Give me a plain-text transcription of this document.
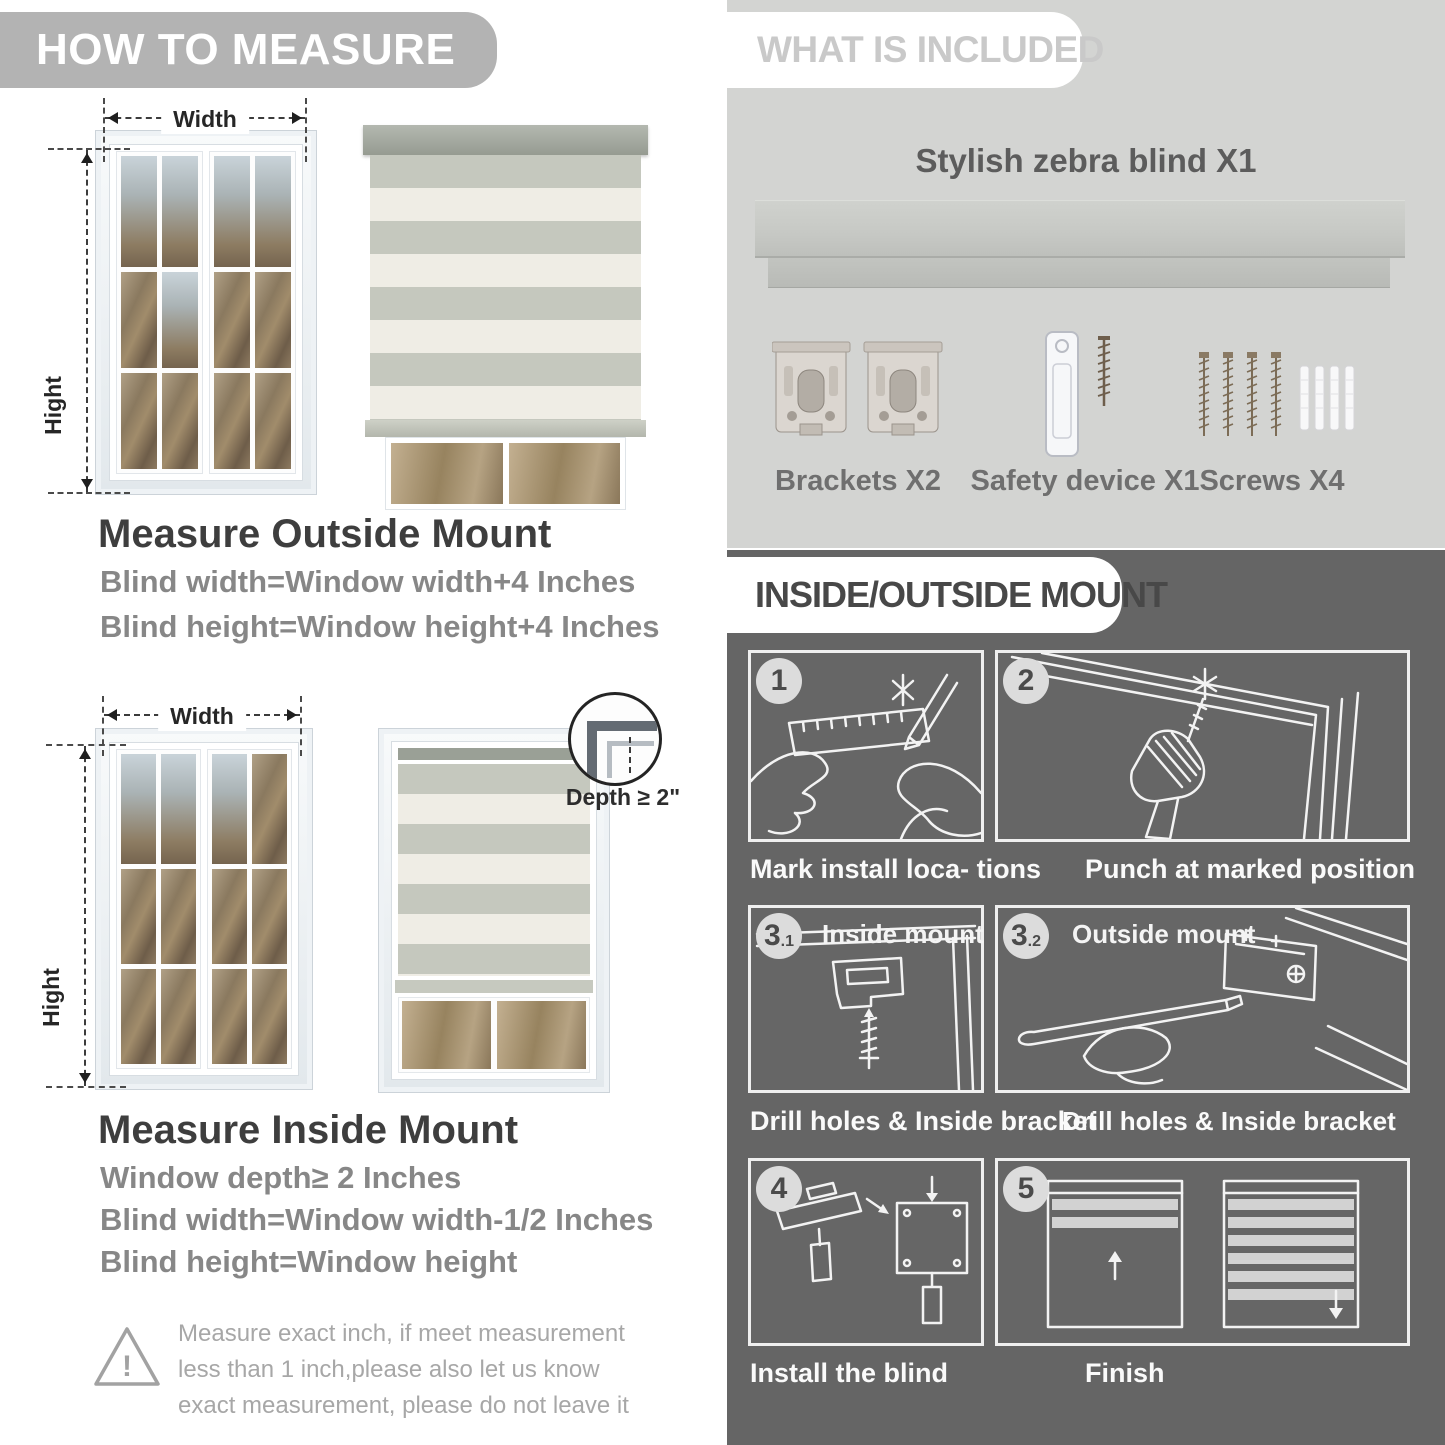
HOW TO MEASURE
Width
Hight
Measure Outside Mount
Blind width=Window width+4 Inches
Blind height=Window height+4 Inches
Width
Hight
Depth ≥ 2"
Measure Inside Mount
Window depth≥ 2 Inches
Blind width=Window width-1/2 Inches
Blind height=Window height
!
Measure exact inch, if meet measurement less than 1 inch,please also let us know exact measurement, please do not leave it
WHAT IS INCLUDED
Stylish zebra blind X1
Brackets X2	Safety device X1 Screws X4
INSIDE/OUTSIDE MOUNT
1	2
Mark install loca- tions Punch at marked position
3 .1 Inside mount 3 .2 Outside mount
Drill holes & Inside bracket
Drill holes & Inside bracket
4	5
Install the blind	Finish
